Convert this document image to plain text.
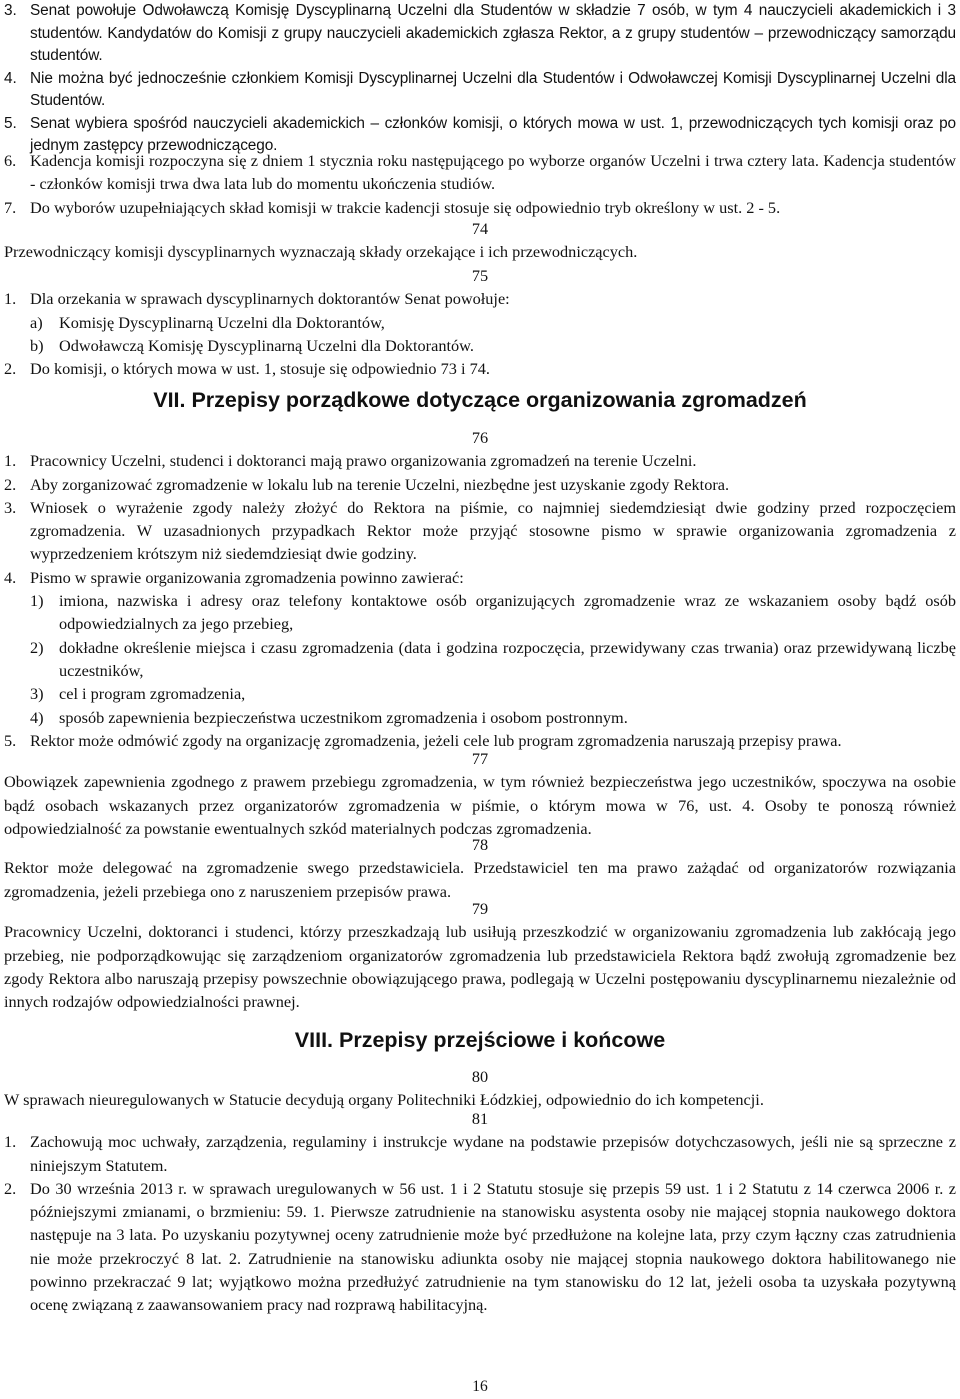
3. Senat powołuje Odwoławczą Komisję Dyscyplinarną Uczelni dla Studentów w składzie 7 osób, w tym 4 nauczycieli akademickich i 3 studentów. Kandydatów do Komisji z grupy nauczycieli akademickich zgłasza Rektor, a z grupy studentów – przewodniczący samorządu studentów.
4. Nie można być jednocześnie członkiem Komisji Dyscyplinarnej Uczelni dla Studentów i Odwoławczej Komisji Dyscyplinarnej Uczelni dla Studentów.
5. Senat wybiera spośród nauczycieli akademickich – członków komisji, o których mowa w ust. 1, przewodniczących tych komisji oraz po jednym zastępcy przewodniczącego.
6. Kadencja komisji rozpoczyna się z dniem 1 stycznia roku następującego po wyborze organów Uczelni i trwa cztery lata. Kadencja studentów - członków komisji trwa dwa lata lub do momentu ukończenia studiów.
7. Do wyborów uzupełniających skład komisji w trakcie kadencji stosuje się odpowiednio tryb określony w ust. 2 - 5.
74
Przewodniczący komisji dyscyplinarnych wyznaczają składy orzekające i ich przewodniczących.
75
1. Dla orzekania w sprawach dyscyplinarnych doktorantów Senat powołuje:
a) Komisję Dyscyplinarną Uczelni dla Doktorantów,
b) Odwoławczą Komisję Dyscyplinarną Uczelni dla Doktorantów.
2. Do komisji, o których mowa w ust. 1, stosuje się odpowiednio 73 i 74.
VII. Przepisy porządkowe dotyczące organizowania zgromadzeń
76
1. Pracownicy Uczelni, studenci i doktoranci mają prawo organizowania zgromadzeń na terenie Uczelni.
2. Aby zorganizować zgromadzenie w lokalu lub na terenie Uczelni, niezbędne jest uzyskanie zgody Rektora.
3. Wniosek o wyrażenie zgody należy złożyć do Rektora na piśmie, co najmniej siedemdziesiąt dwie godziny przed rozpoczęciem zgromadzenia. W uzasadnionych przypadkach Rektor może przyjąć stosowne pismo w sprawie organizowania zgromadzenia z wyprzedzeniem krótszym niż siedemdziesiąt dwie godziny.
4. Pismo w sprawie organizowania zgromadzenia powinno zawierać:
1) imiona, nazwiska i adresy oraz telefony kontaktowe osób organizujących zgromadzenie wraz ze wskazaniem osoby bądź osób odpowiedzialnych za jego przebieg,
2) dokładne określenie miejsca i czasu zgromadzenia (data i godzina rozpoczęcia, przewidywany czas trwania) oraz przewidywaną liczbę uczestników,
3) cel i program zgromadzenia,
4) sposób zapewnienia bezpieczeństwa uczestnikom zgromadzenia i osobom postronnym.
5. Rektor może odmówić zgody na organizację zgromadzenia, jeżeli cele lub program zgromadzenia naruszają przepisy prawa.
77
Obowiązek zapewnienia zgodnego z prawem przebiegu zgromadzenia, w tym również bezpieczeństwa jego uczestników, spoczywa na osobie bądź osobach wskazanych przez organizatorów zgromadzenia w piśmie, o którym mowa w 76, ust. 4. Osoby te ponoszą również odpowiedzialność za powstanie ewentualnych szkód materialnych podczas zgromadzenia.
78
Rektor może delegować na zgromadzenie swego przedstawiciela. Przedstawiciel ten ma prawo zażądać od organizatorów rozwiązania zgromadzenia, jeżeli przebiega ono z naruszeniem przepisów prawa.
79
Pracownicy Uczelni, doktoranci i studenci, którzy przeszkadzają lub usiłują przeszkodzić w organizowaniu zgromadzenia lub zakłócają jego przebieg, nie podporządkowując się zarządzeniom organizatorów zgromadzenia lub przedstawiciela Rektora bądź zwołują zgromadzenie bez zgody Rektora albo naruszają przepisy powszechnie obowiązującego prawa, podlegają w Uczelni postępowaniu dyscyplinarnemu niezależnie od innych rodzajów odpowiedzialności prawnej.
VIII. Przepisy przejściowe i końcowe
80
W sprawach nieuregulowanych w Statucie decydują organy Politechniki Łódzkiej, odpowiednio do ich kompetencji.
81
1. Zachowują moc uchwały, zarządzenia, regulaminy i instrukcje wydane na podstawie przepisów dotychczasowych, jeśli nie są sprzeczne z niniejszym Statutem.
2. Do 30 września 2013 r. w sprawach uregulowanych w 56 ust. 1 i 2 Statutu stosuje się przepis 59 ust. 1 i 2 Statutu z 14 czerwca 2006 r. z późniejszymi zmianami, o brzmieniu: 59. 1. Pierwsze zatrudnienie na stanowisku asystenta osoby nie mającej stopnia naukowego doktora następuje na 3 lata. Po uzyskaniu pozytywnej oceny zatrudnienie może być przedłużone na kolejne lata, przy czym łączny czas zatrudnienia nie może przekroczyć 8 lat. 2. Zatrudnienie na stanowisku adiunkta osoby nie mającej stopnia naukowego doktora habilitowanego nie powinno przekraczać 9 lat; wyjątkowo można przedłużyć zatrudnienie na tym stanowisku do 12 lat, jeżeli osoba ta uzyskała pozytywną ocenę związaną z zaawansowaniem pracy nad rozprawą habilitacyjną.
16
